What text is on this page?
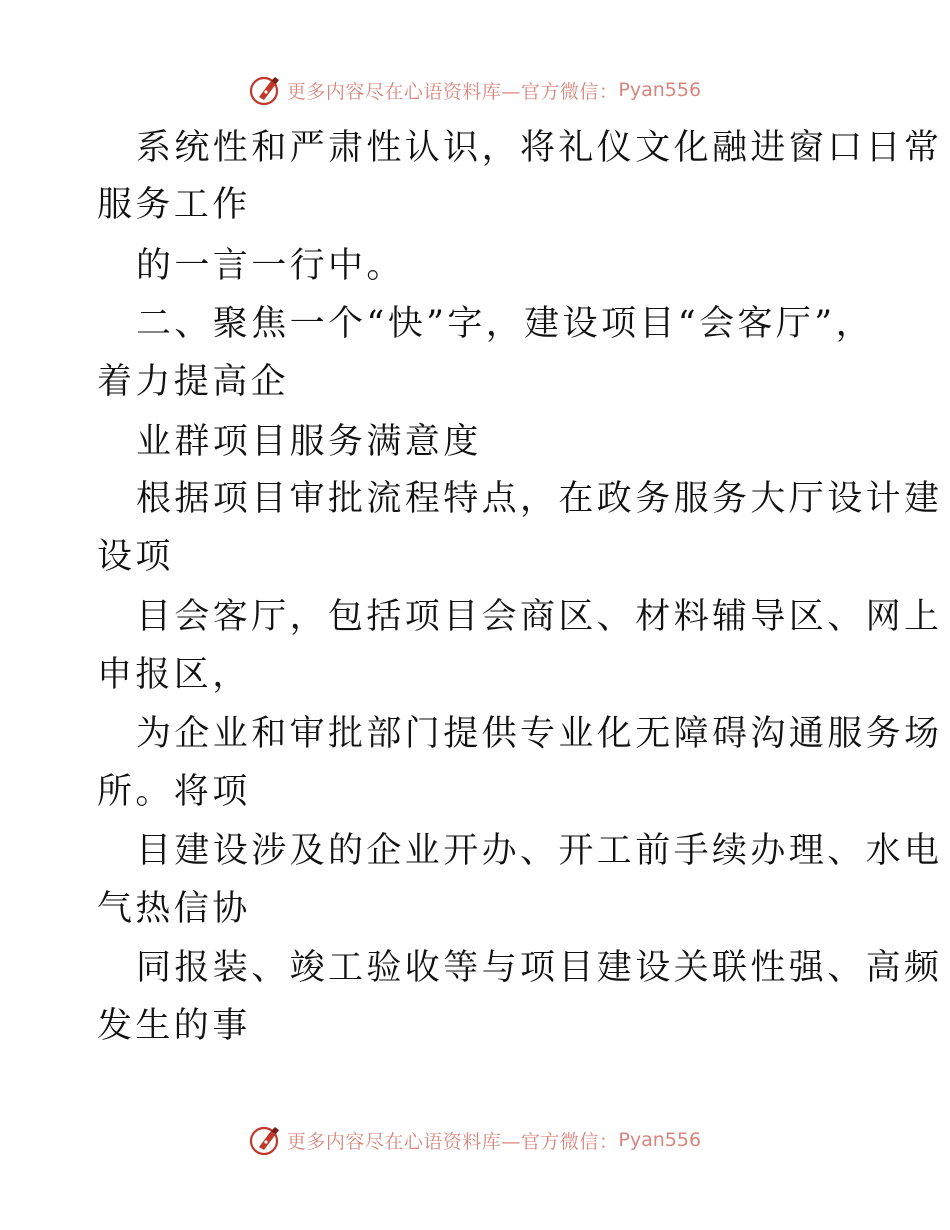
更多内容尽在心语资料库—官方微信： Pyan556
系统性和严肃性认识，将礼仪文化融进窗口日常
服务工作
的一言一行中。
二、聚焦一个“快”字，建设项目“会客厅”，
着力提高企
业群项目服务满意度
根据项目审批流程特点，在政务服务大厅设计建
设项
目会客厅，包括项目会商区、材料辅导区、网上
申报区，
为企业和审批部门提供专业化无障碍沟通服务场
所。将项
目建设涉及的企业开办、开工前手续办理、水电
气热信协
同报装、竣工验收等与项目建设关联性强、高频
发生的事
更多内容尽在心语资料库—官方微信： Pyan556
